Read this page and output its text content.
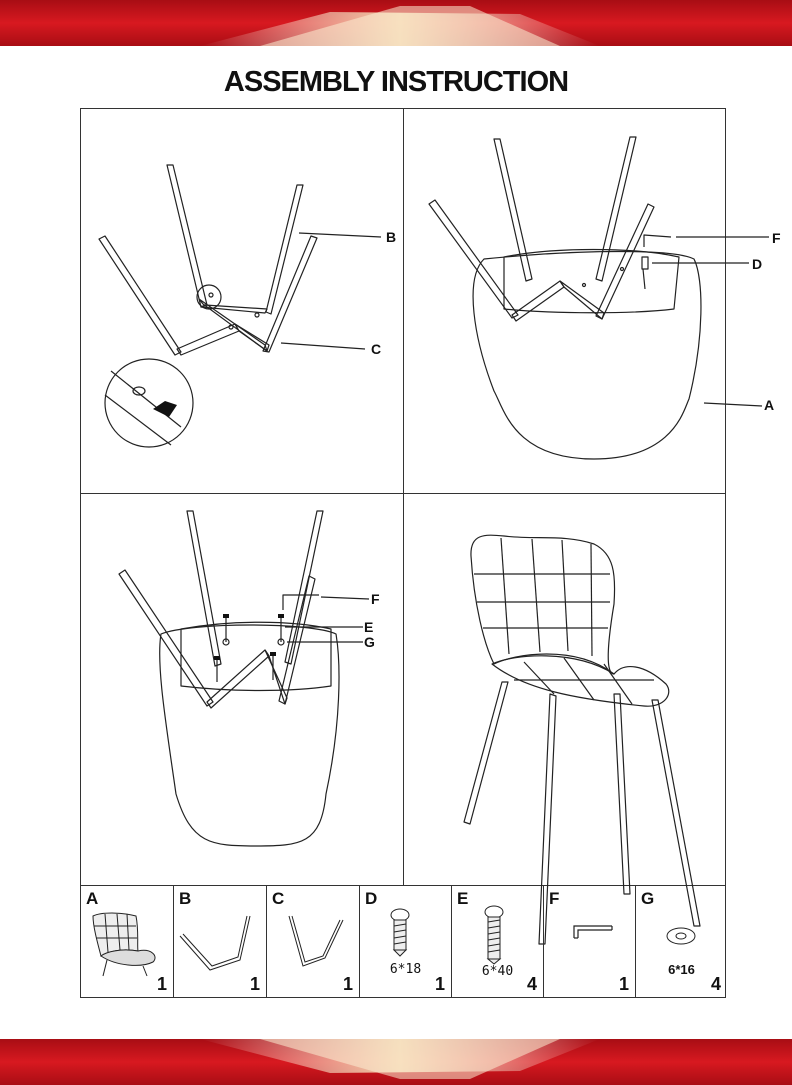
ASSEMBLY INSTRUCTION
B
C
F
D
A
F
E
G
A
1
B
1
C
1
D
6*18
1
E
6*40
4
F
1
G
6*16
4
